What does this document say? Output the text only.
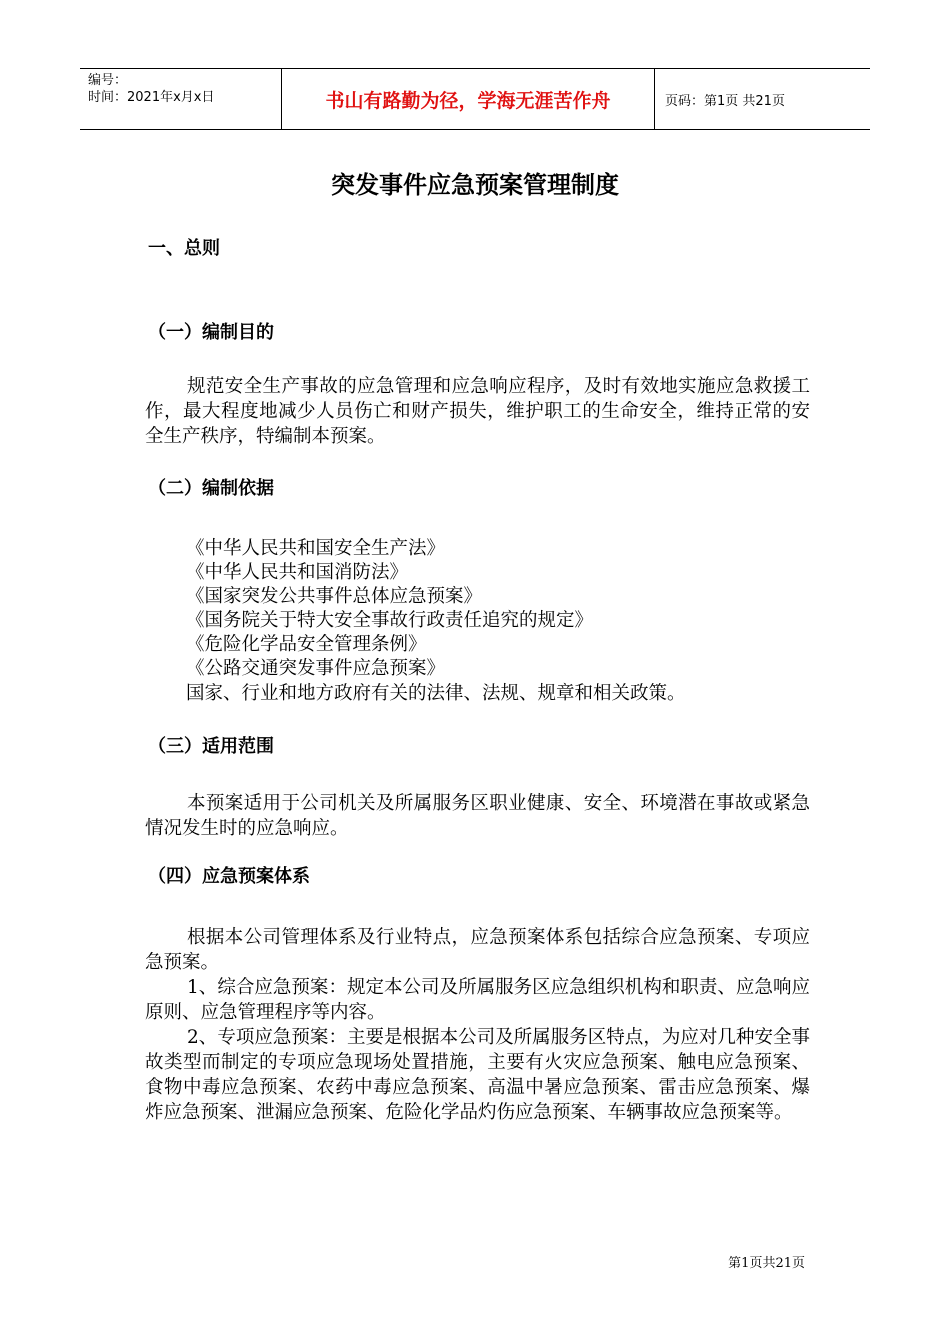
编号：
时间：2021年x月x日	书山有路勤为径，学海无涯苦作舟	页码：第1页 共21页
突发事件应急预案管理制度
一、总则
（一）编制目的
规范安全生产事故的应急管理和应急响应程序，及时有效地实施应急救援工作，最大程度地减少人员伤亡和财产损失，维护职工的生命安全，维持正常的安全生产秩序，特编制本预案。
（二）编制依据
《中华人民共和国安全生产法》
《中华人民共和国消防法》
《国家突发公共事件总体应急预案》
《国务院关于特大安全事故行政责任追究的规定》
《危险化学品安全管理条例》
《公路交通突发事件应急预案》
国家、行业和地方政府有关的法律、法规、规章和相关政策。
（三）适用范围
本预案适用于公司机关及所属服务区职业健康、安全、环境潜在事故或紧急情况发生时的应急响应。
（四）应急预案体系
根据本公司管理体系及行业特点，应急预案体系包括综合应急预案、专项应急预案。
1、综合应急预案：规定本公司及所属服务区应急组织机构和职责、应急响应原则、应急管理程序等内容。
2、专项应急预案：主要是根据本公司及所属服务区特点，为应对几种安全事故类型而制定的专项应急现场处置措施，主要有火灾应急预案、触电应急预案、食物中毒应急预案、农药中毒应急预案、高温中暑应急预案、雷击应急预案、爆炸应急预案、泄漏应急预案、危险化学品灼伤应急预案、车辆事故应急预案等。
第1页共21页
